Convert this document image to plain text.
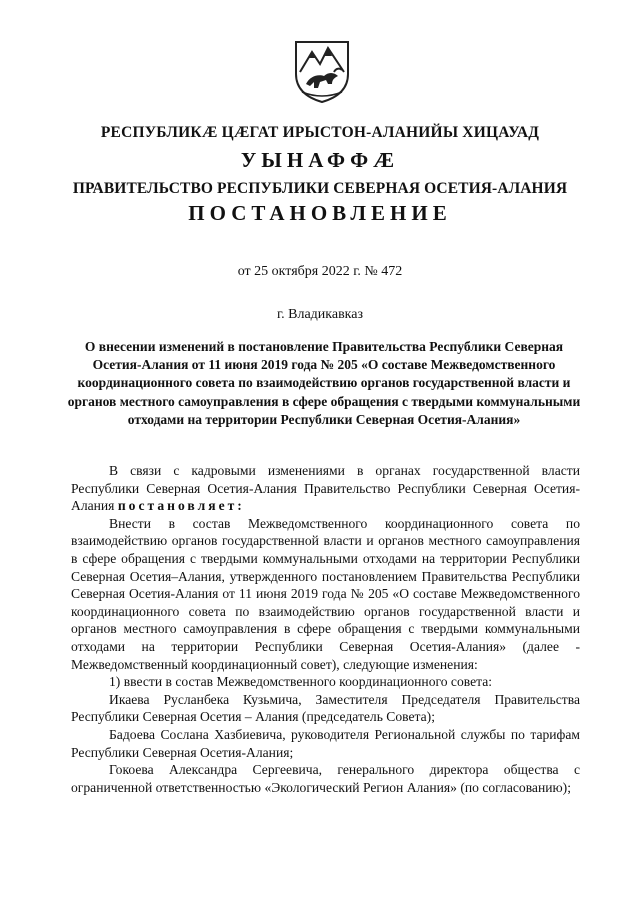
РЕСПУБЛИКӔ ЦӔГАТ ИРЫСТОН-АЛАНИЙЫ ХИЦАУАД
УЫНАФФӔ
ПРАВИТЕЛЬСТВО РЕСПУБЛИКИ СЕВЕРНАЯ ОСЕТИЯ-АЛАНИЯ
ПОСТАНОВЛЕНИЕ
от 25 октября 2022 г. № 472
г. Владикавказ
О внесении изменений в постановление Правительства Республики Северная Осетия-Алания от 11 июня 2019 года № 205 «О составе Межведомственного координационного совета по взаимодействию органов государственной власти и органов местного самоуправления в сфере обращения с твердыми коммунальными отходами на территории Республики Северная Осетия-Алания»

В связи с кадровыми изменениями в органах государственной власти Республики Северная Осетия-Алания Правительство Республики Северная Осетия-Алания постановляет:

Внести в состав Межведомственного координационного совета по взаимодействию органов государственной власти и органов местного самоуправления в сфере обращения с твердыми коммунальными отходами на территории Республики Северная Осетия–Алания, утвержденного постановлением Правительства Республики Северная Осетия-Алания от 11 июня 2019 года № 205 «О составе Межведомственного координационного совета по взаимодействию органов государственной власти и органов местного самоуправления в сфере обращения с твердыми коммунальными отходами на территории Республики Северная Осетия-Алания» (далее - Межведомственный координационный совет), следующие изменения:

1) ввести в состав Межведомственного координационного совета:

Икаева Русланбека Кузьмича, Заместителя Председателя Правительства Республики Северная Осетия – Алания (председатель Совета);

Бадоева Сослана Хазбиевича, руководителя Региональной службы по тарифам Республики Северная Осетия-Алания;

Гокоева Александра Сергеевича, генерального директора общества с ограниченной ответственностью «Экологический Регион Алания» (по согласованию);
